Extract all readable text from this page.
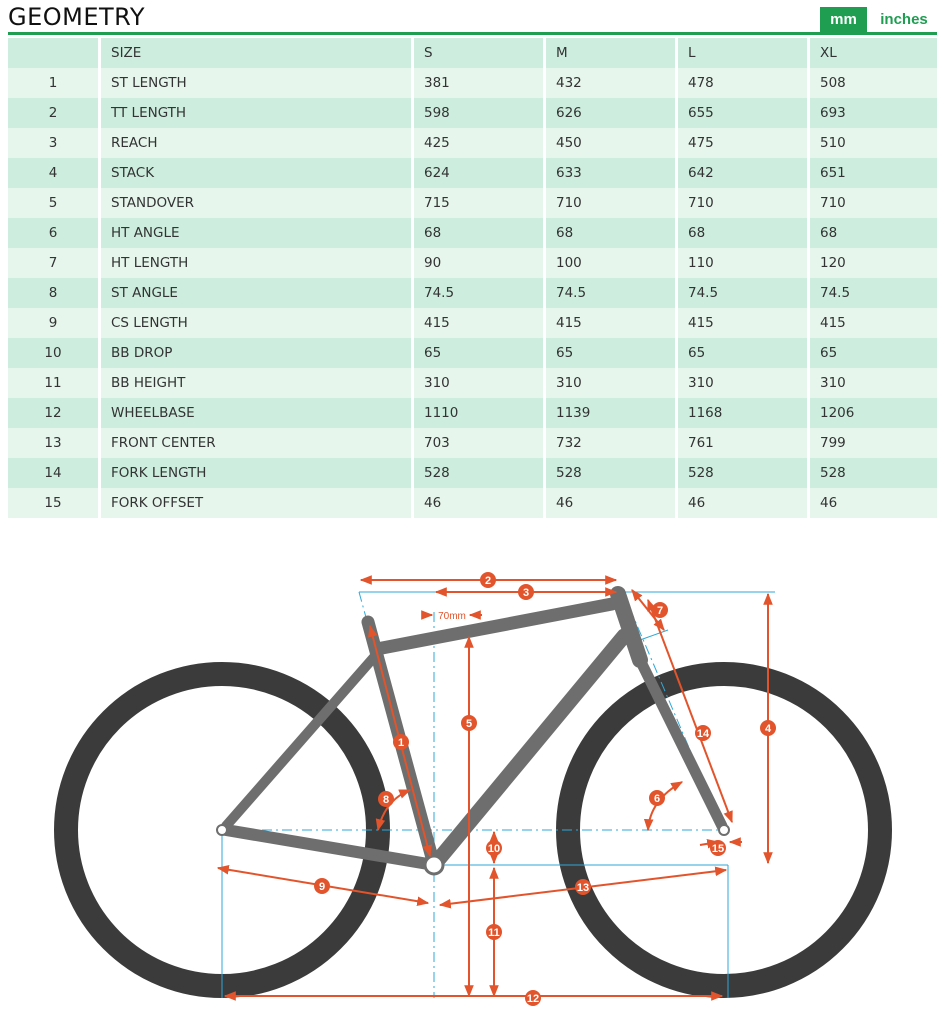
GEOMETRY	mm	inches
	SIZE	S	M	L	XL
1	ST LENGTH	381	432	478	508
2	TT LENGTH	598	626	655	693
3	REACH	425	450	475	510
4	STACK	624	633	642	651
5	STANDOVER	715	710	710	710
6	HT ANGLE	68	68	68	68
7	HT LENGTH	90	100	110	120
8	ST ANGLE	74.5	74.5	74.5	74.5
9	CS LENGTH	415	415	415	415
10	BB DROP	65	65	65	65
11	BB HEIGHT	310	310	310	310
12	WHEELBASE	1110	1139	1168	1206
13	FRONT CENTER	703	732	761	799
14	FORK LENGTH	528	528	528	528
15	FORK OFFSET	46	46	46	46
70mm
1
2
3
4
5
6
7
8
9
10
11
12
13
14
15
